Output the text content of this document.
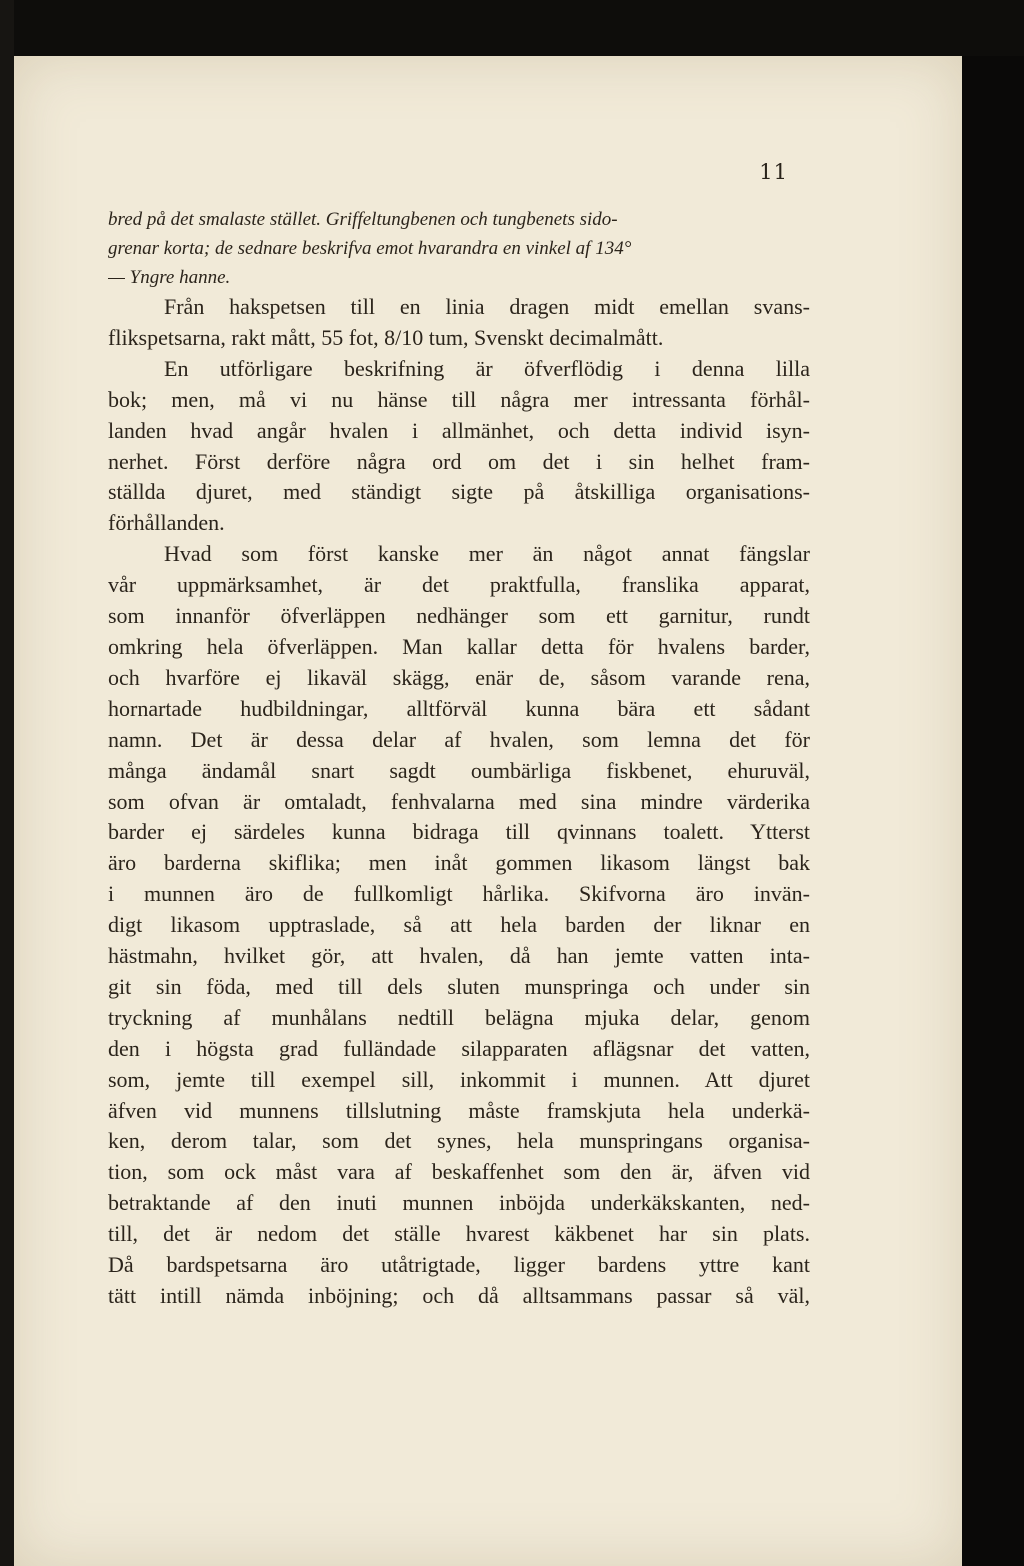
11
bred på det smalaste stället. Griffeltungbenen och tungbenets sido-
grenar korta; de sednare beskrifva emot hvarandra en vinkel af 134°
— Yngre hanne.
Från hakspetsen till en linia dragen midt emellan svans-
flikspetsarna, rakt mått, 55 fot, 8/10 tum, Svenskt decimalmått.
En utförligare beskrifning är öfverflödig i denna lilla
bok; men, må vi nu hänse till några mer intressanta förhål-
landen hvad angår hvalen i allmänhet, och detta individ isyn-
nerhet. Först derföre några ord om det i sin helhet fram-
ställda djuret, med ständigt sigte på åtskilliga organisations-
förhållanden.
Hvad som först kanske mer än något annat fängslar
vår uppmärksamhet, är det praktfulla, franslika apparat,
som innanför öfverläppen nedhänger som ett garnitur, rundt
omkring hela öfverläppen. Man kallar detta för hvalens barder,
och hvarföre ej likaväl skägg, enär de, såsom varande rena,
hornartade hudbildningar, alltförväl kunna bära ett sådant
namn. Det är dessa delar af hvalen, som lemna det för
många ändamål snart sagdt oumbärliga fiskbenet, ehuruväl,
som ofvan är omtaladt, fenhvalarna med sina mindre värderika
barder ej särdeles kunna bidraga till qvinnans toalett. Ytterst
äro barderna skiflika; men inåt gommen likasom längst bak
i munnen äro de fullkomligt hårlika. Skifvorna äro invän-
digt likasom upptraslade, så att hela barden der liknar en
hästmahn, hvilket gör, att hvalen, då han jemte vatten inta-
git sin föda, med till dels sluten munspringa och under sin
tryckning af munhålans nedtill belägna mjuka delar, genom
den i högsta grad fulländade silapparaten aflägsnar det vatten,
som, jemte till exempel sill, inkommit i munnen. Att djuret
äfven vid munnens tillslutning måste framskjuta hela underkä-
ken, derom talar, som det synes, hela munspringans organisa-
tion, som ock måst vara af beskaffenhet som den är, äfven vid
betraktande af den inuti munnen inböjda underkäkskanten, ned-
till, det är nedom det ställe hvarest käkbenet har sin plats.
Då bardspetsarna äro utåtrigtade, ligger bardens yttre kant
tätt intill nämda inböjning; och då alltsammans passar så väl,
